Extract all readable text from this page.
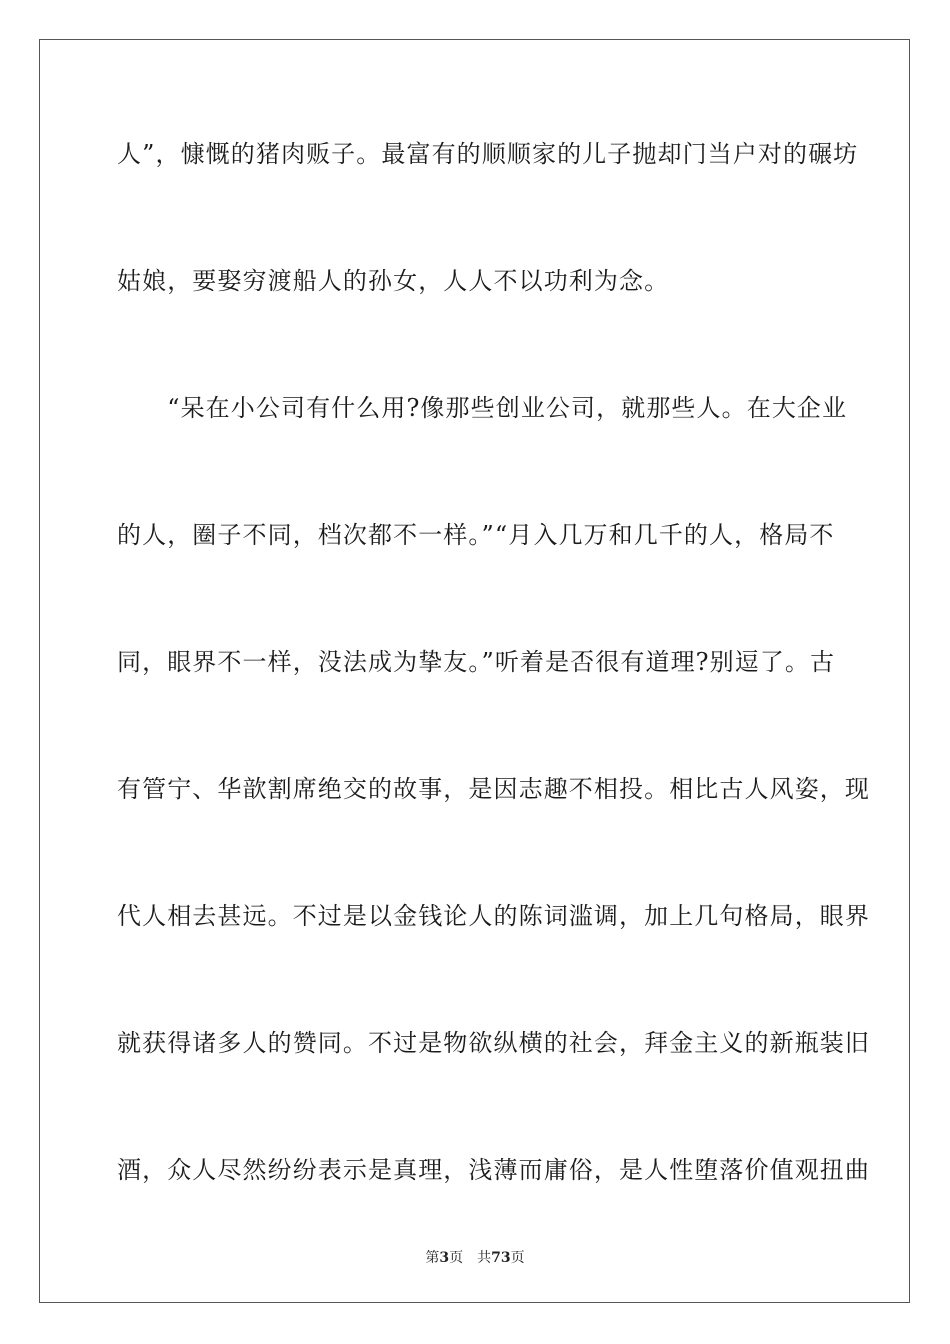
人”，慷慨的猪肉贩子。最富有的顺顺家的儿子抛却门当户对的碾坊
姑娘，要娶穷渡船人的孙女，人人不以功利为念。
　　“呆在小公司有什么用?像那些创业公司，就那些人。在大企业
的人，圈子不同，档次都不一样。”“月入几万和几千的人，格局不
同，眼界不一样，没法成为挚友。”听着是否很有道理?别逗了。古
有管宁、华歆割席绝交的故事，是因志趣不相投。相比古人风姿，现
代人相去甚远。不过是以金钱论人的陈词滥调，加上几句格局，眼界
就获得诸多人的赞同。不过是物欲纵横的社会，拜金主义的新瓶装旧
酒，众人尽然纷纷表示是真理，浅薄而庸俗，是人性堕落价值观扭曲
第3页 共73页
